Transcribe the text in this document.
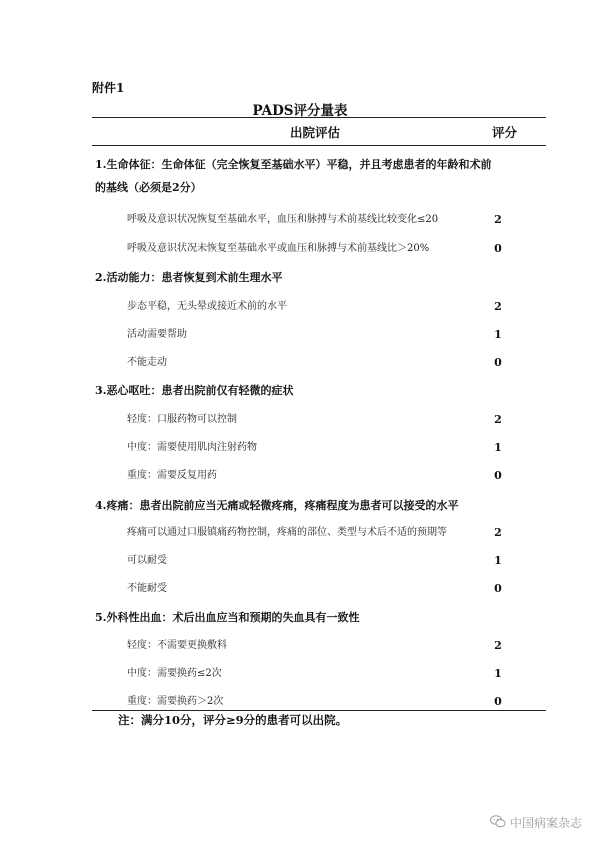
附件1
PADS评分量表
出院评估	评分
1.生命体征：生命体征（完全恢复至基础水平）平稳，并且考虑患者的年龄和术前
的基线（必须是2分）
呼吸及意识状况恢复至基础水平，血压和脉搏与术前基线比较变化≤20	2
呼吸及意识状况未恢复至基础水平或血压和脉搏与术前基线比＞20%	0
2.活动能力：患者恢复到术前生理水平
步态平稳，无头晕或接近术前的水平	2
活动需要帮助	1
不能走动	0
3.恶心呕吐：患者出院前仅有轻微的症状
轻度：口服药物可以控制	2
中度：需要使用肌肉注射药物	1
重度：需要反复用药	0
4.疼痛：患者出院前应当无痛或轻微疼痛，疼痛程度为患者可以接受的水平
疼痛可以通过口服镇痛药物控制，疼痛的部位、类型与术后不适的预期等	2
可以耐受	1
不能耐受	0
5.外科性出血：术后出血应当和预期的失血具有一致性
轻度：不需要更换敷料	2
中度：需要换药≤2次	1
重度：需要换药＞2次	0
注：满分10分，评分≥9分的患者可以出院。
中国病案杂志
